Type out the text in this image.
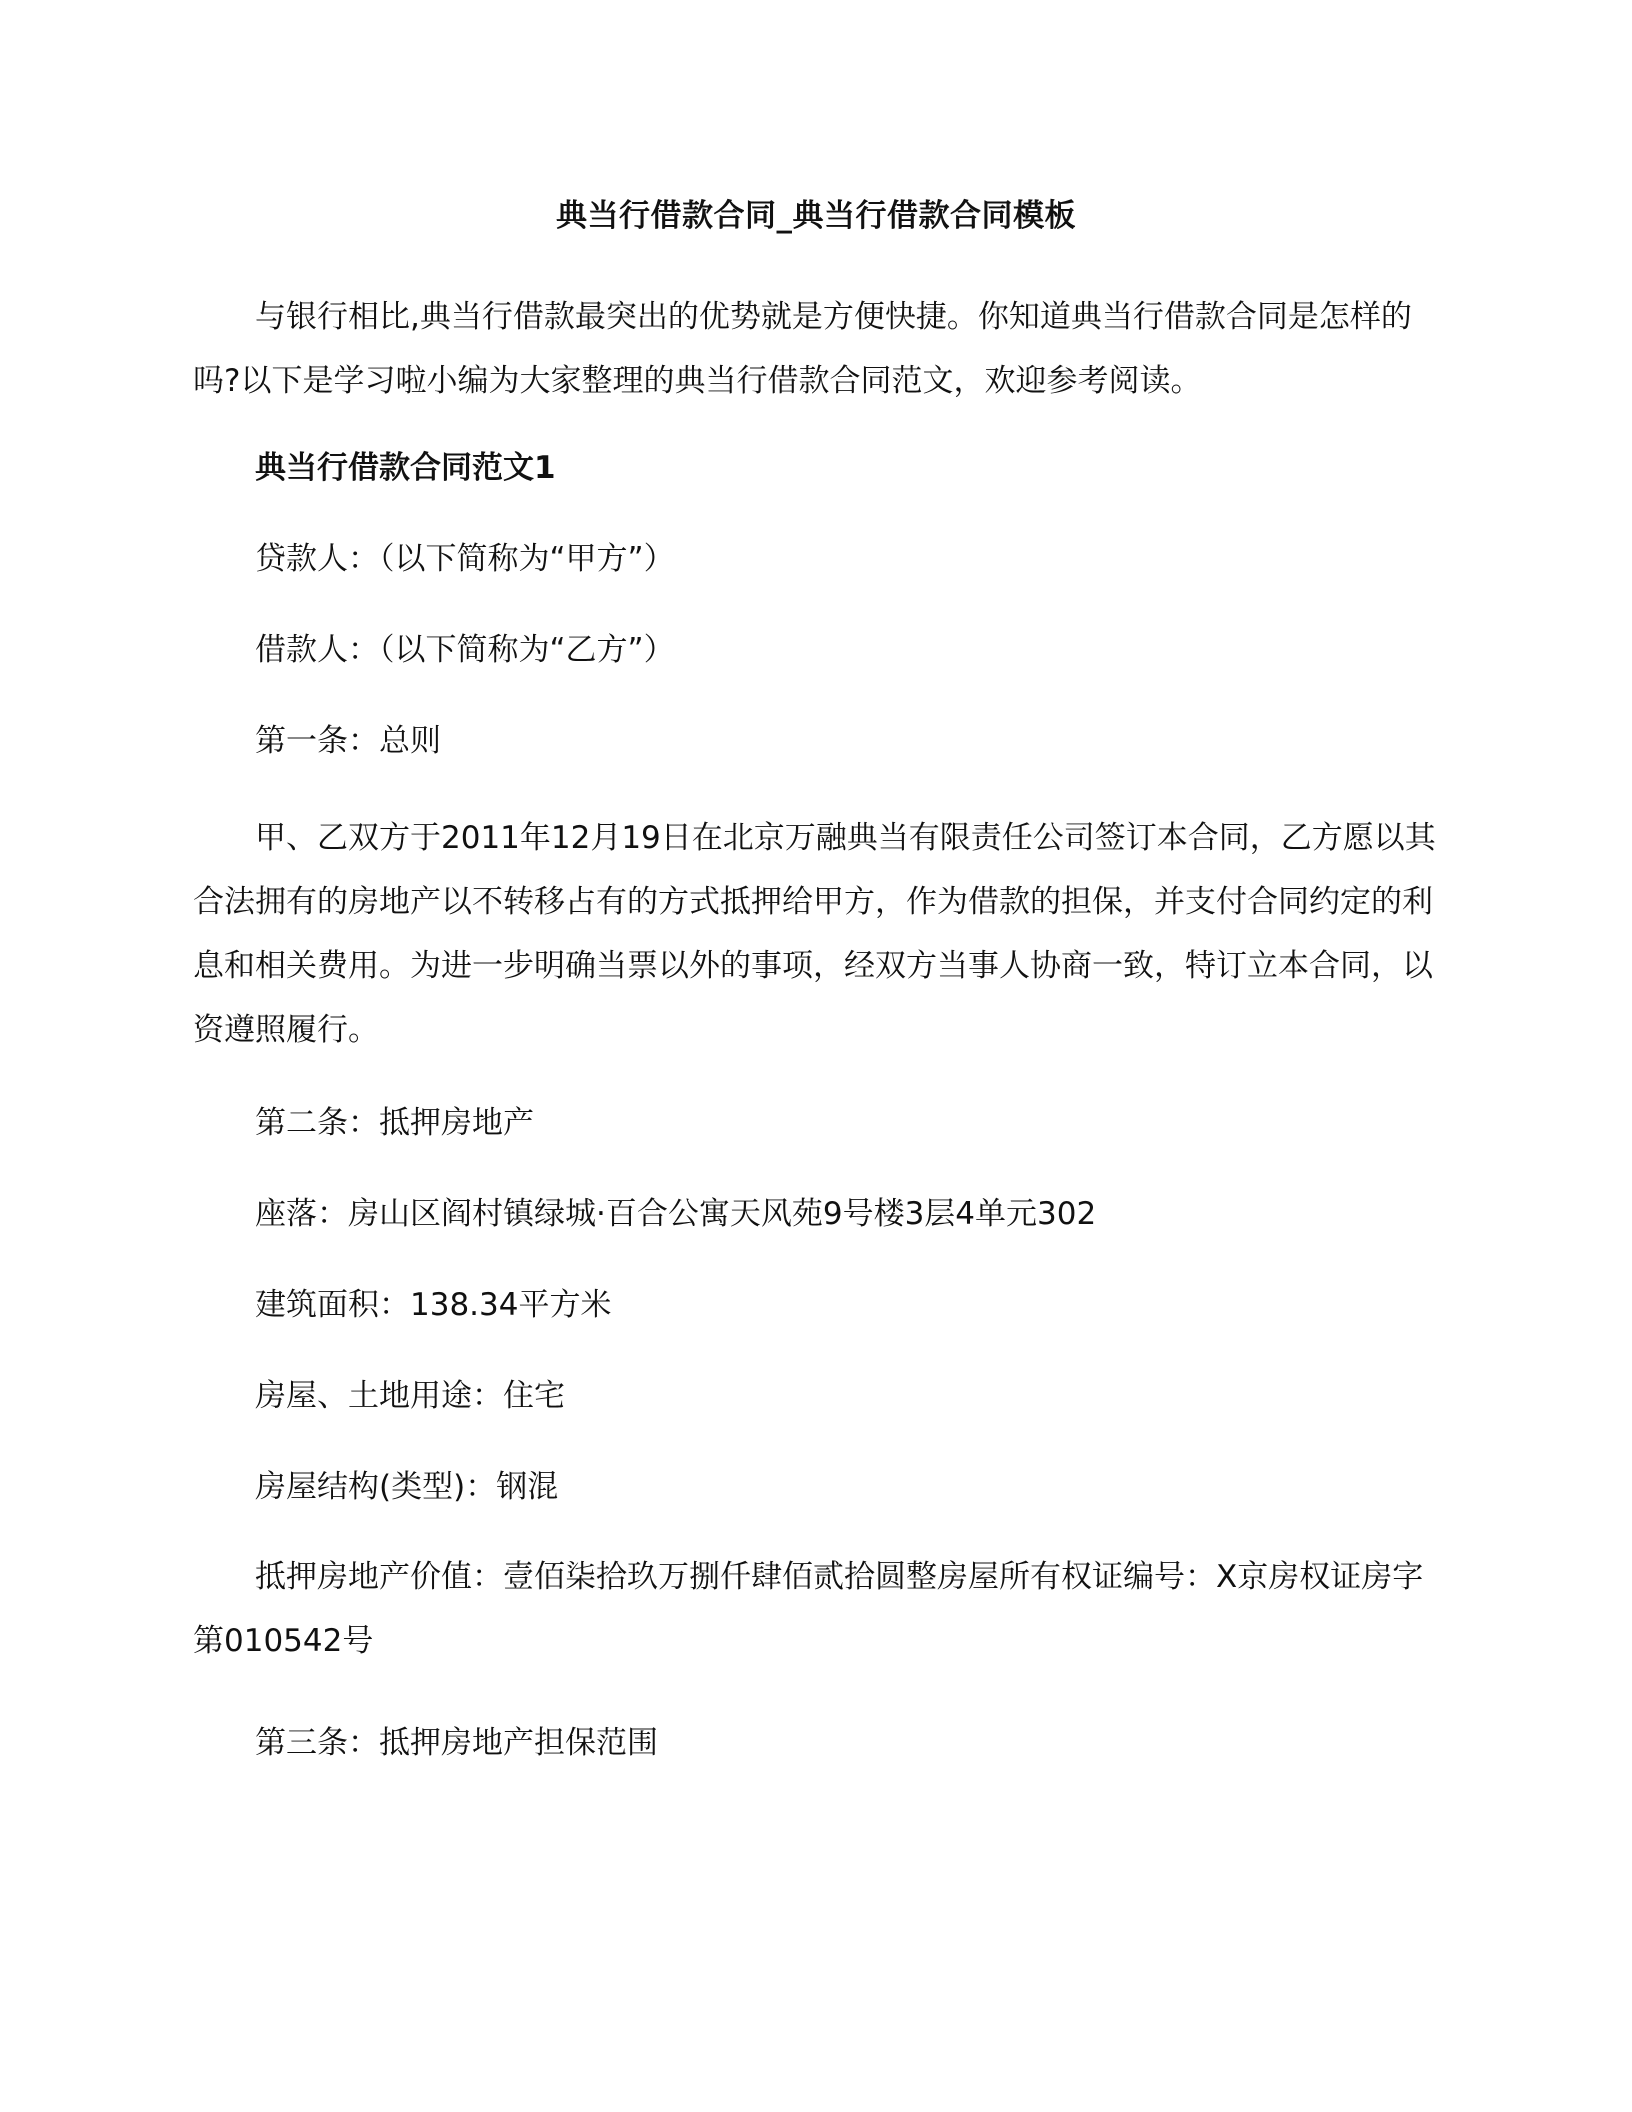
典当行借款合同_典当行借款合同模板

与银行相比,典当行借款最突出的优势就是方便快捷。你知道典当行借款合同是怎样的吗?以下是学习啦小编为大家整理的典当行借款合同范文，欢迎参考阅读。

典当行借款合同范文1
贷款人：（以下简称为“甲方”）
借款人：（以下简称为“乙方”）
第一条：总则

甲、乙双方于2011年12月19日在北京万融典当有限责任公司签订本合同，乙方愿以其合法拥有的房地产以不转移占有的方式抵押给甲方，作为借款的担保，并支付合同约定的利息和相关费用。为进一步明确当票以外的事项，经双方当事人协商一致，特订立本合同，以资遵照履行。

第二条：抵押房地产
座落：房山区阎村镇绿城·百合公寓天风苑9号楼3层4单元302
建筑面积：138.34平方米
房屋、土地用途：住宅
房屋结构(类型)：钢混

抵押房地产价值：壹佰柒拾玖万捌仟肆佰贰拾圆整房屋所有权证编号：X京房权证房字第010542号

第三条：抵押房地产担保范围
